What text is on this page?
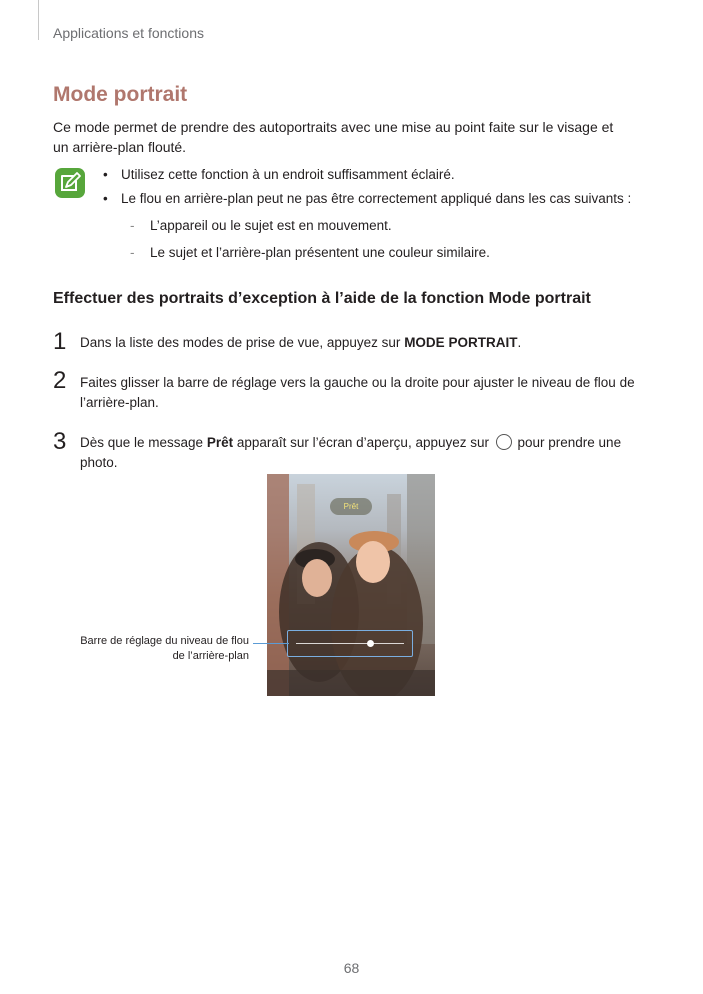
Applications et fonctions
Mode portrait
Ce mode permet de prendre des autoportraits avec une mise au point faite sur le visage et un arrière-plan flouté.
• Utilisez cette fonction à un endroit suffisamment éclairé.
• Le flou en arrière-plan peut ne pas être correctement appliqué dans les cas suivants :
- L’appareil ou le sujet est en mouvement.
- Le sujet et l’arrière-plan présentent une couleur similaire.
Effectuer des portraits d’exception à l’aide de la fonction Mode portrait
1 Dans la liste des modes de prise de vue, appuyez sur MODE PORTRAIT.
2 Faites glisser la barre de réglage vers la gauche ou la droite pour ajuster le niveau de flou de l’arrière-plan.
3 Dès que le message Prêt apparaît sur l’écran d’aperçu, appuyez sur  pour prendre une photo.
Prêt
Barre de réglage du niveau de flou
de l’arrière-plan
68
